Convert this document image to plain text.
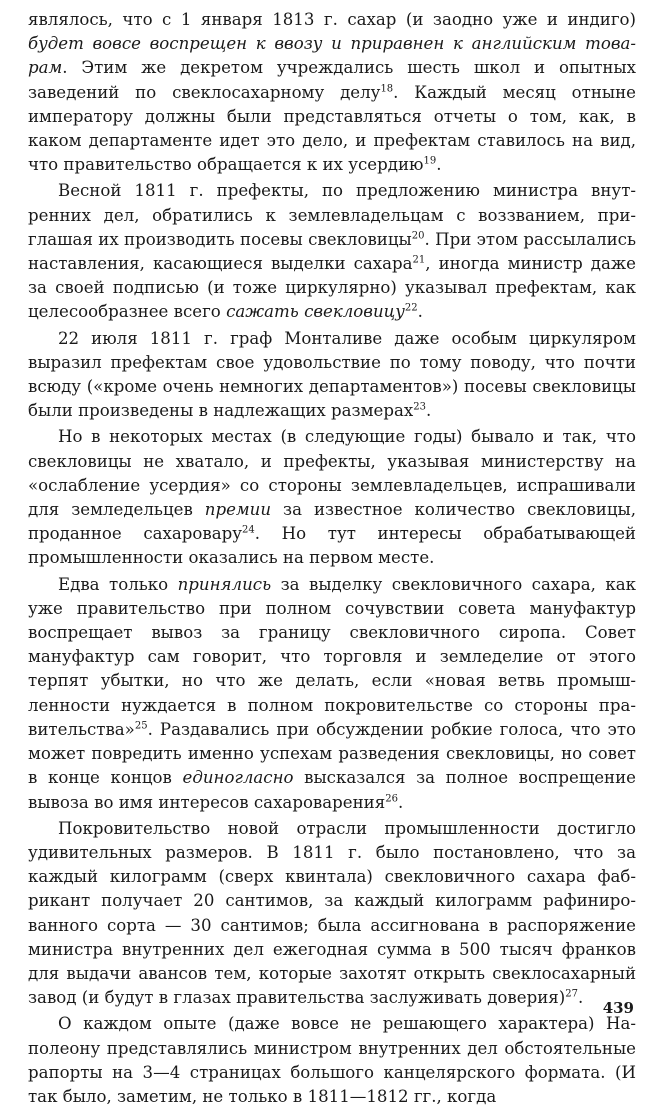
являлось, что с 1 января 1813 г. сахар (и заодно уже и индиго) будет вовсе воспрещен к ввозу и приравнен к английским товарам. Этим же декретом учреждались шесть школ и опытных заведений по свеклосахарному делу$^{18}$. Каждый месяц отныне императору должны были представляться отчеты о том, как, в каком департаменте идет это дело, и префектам ставилось на вид, что правительство обращается к их усердию$^{19}$.

Весной 1811 г. префекты, по предложению министра внутренних дел, обратились к землевладельцам с воззванием, приглашая их производить посевы свекловицы$^{20}$. При этом рассылались наставления, касающиеся выделки сахара$^{21}$, иногда министр даже за своей подписью (и тоже циркулярно) указывал префектам, как целесообразнее всего сажать свекловицу$^{22}$.

22 июля 1811 г. граф Монталиве даже особым циркуляром выразил префектам свое удовольствие по тому поводу, что почти всюду («кроме очень немногих департаментов») посевы свекловицы были произведены в надлежащих размерах$^{23}$.

Но в некоторых местах (в следующие годы) бывало и так, что свекловицы не хватало, и префекты, указывая министерству на «ослабление усердия» со стороны землевладельцев, испрашивали для земледельцев премии за известное количество свекловицы, проданное сахаровару$^{24}$. Но тут интересы обрабатывающей промышленности оказались на первом месте.

Едва только принялись за выделку свекловичного сахара, как уже правительство при полном сочувствии совета мануфактур воспрещает вывоз за границу свекловичного сиропа. Совет мануфактур сам говорит, что торговля и земледелие от этого терпят убытки, но что же делать, если «новая ветвь промышленности нуждается в полном покровительстве со стороны правительства»$^{25}$. Раздавались при обсуждении робкие голоса, что это может повредить именно успехам разведения свекловицы, но совет в конце концов единогласно высказался за полное воспрещение вывоза во имя интересов сахароварения$^{26}$.

Покровительство новой отрасли промышленности достигло удивительных размеров. В 1811 г. было постановлено, что за каждый килограмм (сверх квинтала) свекловичного сахара фабрикант получает 20 сантимов, за каждый килограмм рафинированного сорта — 30 сантимов; была ассигнована в распоряжение министра внутренних дел ежегодная сумма в 500 тысяч франков для выдачи авансов тем, которые захотят открыть свеклосахарный завод (и будут в глазах правительства заслуживать доверия)$^{27}$.

О каждом опыте (даже вовсе не решающего характера) Наполеону представлялись министром внутренних дел обстоятельные рапорты на 3—4 страницах большого канцелярского формата. (И так было, заметим, не только в 1811—1812 гг., когда

439
